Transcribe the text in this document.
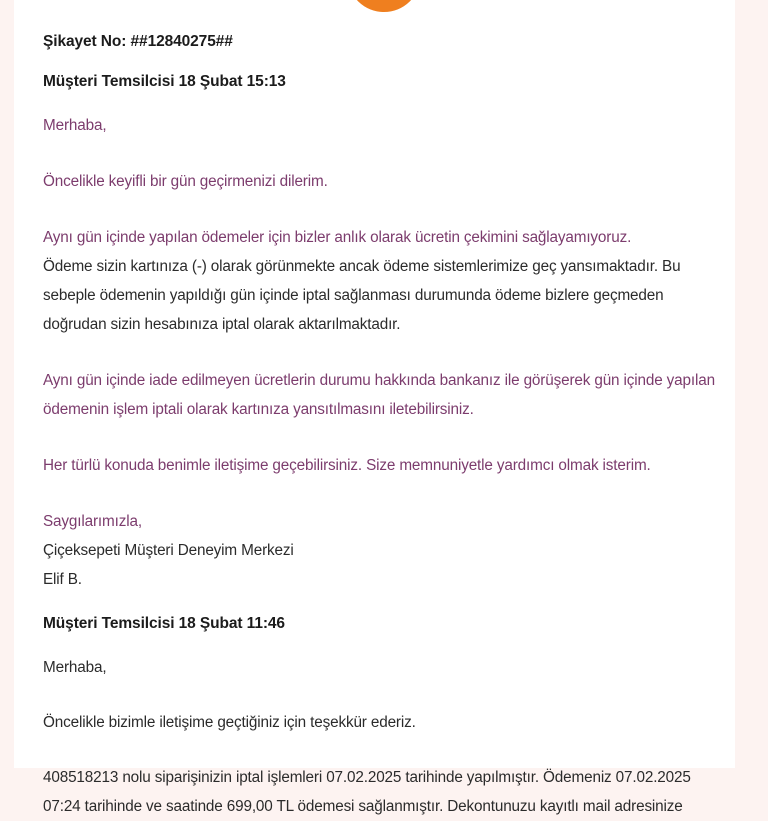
Şikayet No: ##12840275##
Müşteri Temsilcisi 18 Şubat 15:13
Merhaba,
Öncelikle keyifli bir gün geçirmenizi dilerim.
Aynı gün içinde yapılan ödemeler için bizler anlık olarak ücretin çekimini sağlayamıyoruz.
Ödeme sizin kartınıza (-) olarak görünmekte ancak ödeme sistemlerimize geç yansımaktadır. Bu
sebeple ödemenin yapıldığı gün içinde iptal sağlanması durumunda ödeme bizlere geçmeden
doğrudan sizin hesabınıza iptal olarak aktarılmaktadır.
Aynı gün içinde iade edilmeyen ücretlerin durumu hakkında bankanız ile görüşerek gün içinde yapılan
ödemenin işlem iptali olarak kartınıza yansıtılmasını iletebilirsiniz.
Her türlü konuda benimle iletişime geçebilirsiniz. Size memnuniyetle yardımcı olmak isterim.
Saygılarımızla,
Çiçeksepeti Müşteri Deneyim Merkezi
Elif B.
Müşteri Temsilcisi 18 Şubat 11:46
Merhaba,
Öncelikle bizimle iletişime geçtiğiniz için teşekkür ederiz.
408518213 nolu siparişinizin iptal işlemleri 07.02.2025 tarihinde yapılmıştır. Ödemeniz 07.02.2025
07:24 tarihinde ve saatinde 699,00 TL ödemesi sağlanmıştır. Dekontunuzu kayıtlı mail adresinize
